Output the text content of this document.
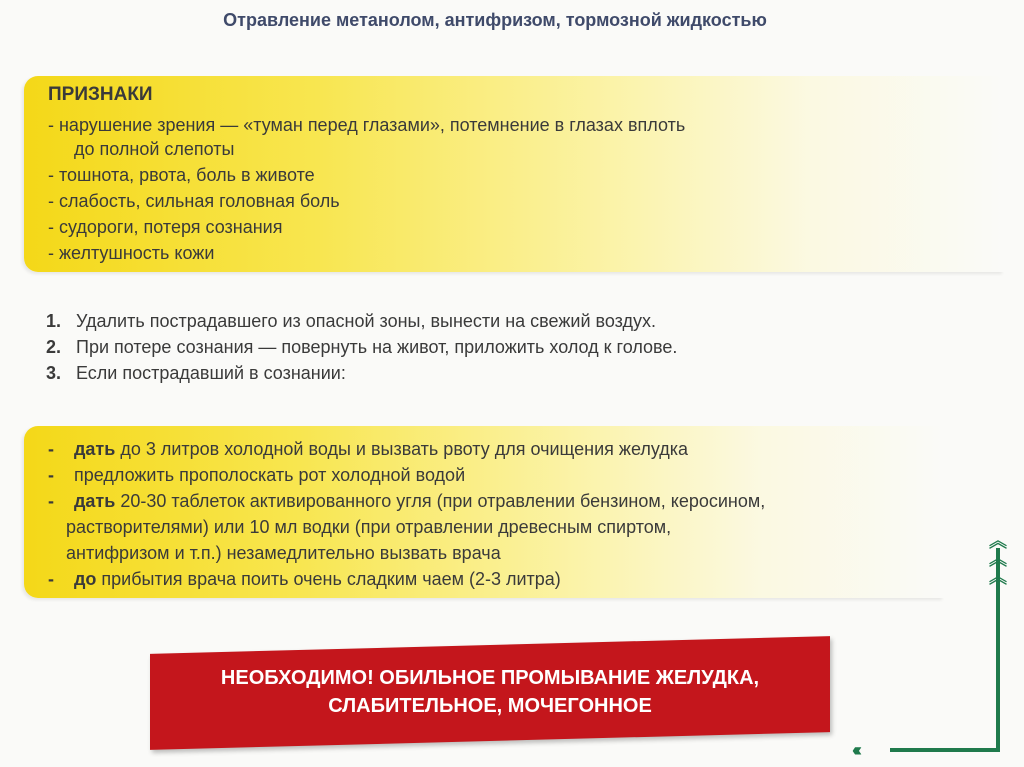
Отравление метанолом, антифризом, тормозной жидкостью
ПРИЗНАКИ
- нарушение зрения — «туман перед глазами», потемнение в глазах вплоть
до полной слепоты
- тошнота, рвота, боль в животе
- слабость, сильная головная боль
- судороги, потеря сознания
- желтушность кожи
1. Удалить пострадавшего из опасной зоны, вынести на свежий воздух.
2. При потере сознания — повернуть на живот, приложить холод к голове.
3. Если пострадавший в сознании:
- дать до 3 литров холодной воды и вызвать рвоту для очищения желудка
- предложить прополоскать рот холодной водой
- дать 20-30 таблеток активированного угля (при отравлении бензином, керосином,
растворителями) или 10 мл водки (при отравлении древесным спиртом,
антифризом и т.п.) незамедлительно вызвать врача
- до прибытия врача поить очень сладким чаем (2-3 литра)
НЕОБХОДИМО! ОБИЛЬНОЕ ПРОМЫВАНИЕ ЖЕЛУДКА,
СЛАБИТЕЛЬНОЕ, МОЧЕГОННОЕ
︽
︽
︽
‹‹‹
